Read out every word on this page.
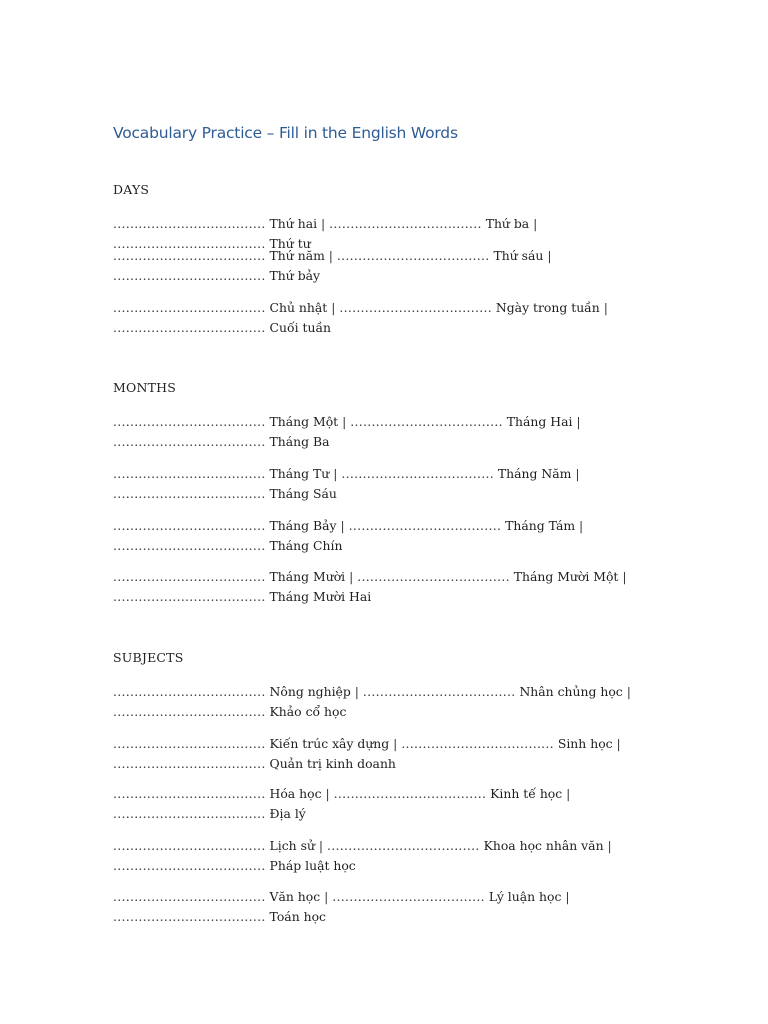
Vocabulary Practice – Fill in the English Words
DAYS
.................................... Thứ hai | .................................... Thứ ba | .................................... Thứ tư
.................................... Thứ năm | .................................... Thứ sáu | .................................... Thứ bảy
.................................... Chủ nhật | .................................... Ngày trong tuần | .................................... Cuối tuần
MONTHS
.................................... Tháng Một | .................................... Tháng Hai | .................................... Tháng Ba
.................................... Tháng Tư | .................................... Tháng Năm | .................................... Tháng Sáu
.................................... Tháng Bảy | .................................... Tháng Tám | .................................... Tháng Chín
.................................... Tháng Mười | .................................... Tháng Mười Một | .................................... Tháng Mười Hai
SUBJECTS
.................................... Nông nghiệp | .................................... Nhân chủng học | .................................... Khảo cổ học
.................................... Kiến trúc xây dựng | .................................... Sinh học | .................................... Quản trị kinh doanh
.................................... Hóa học | .................................... Kinh tế học | .................................... Địa lý
.................................... Lịch sử | .................................... Khoa học nhân văn | .................................... Pháp luật học
.................................... Văn học | .................................... Lý luận học | .................................... Toán học
